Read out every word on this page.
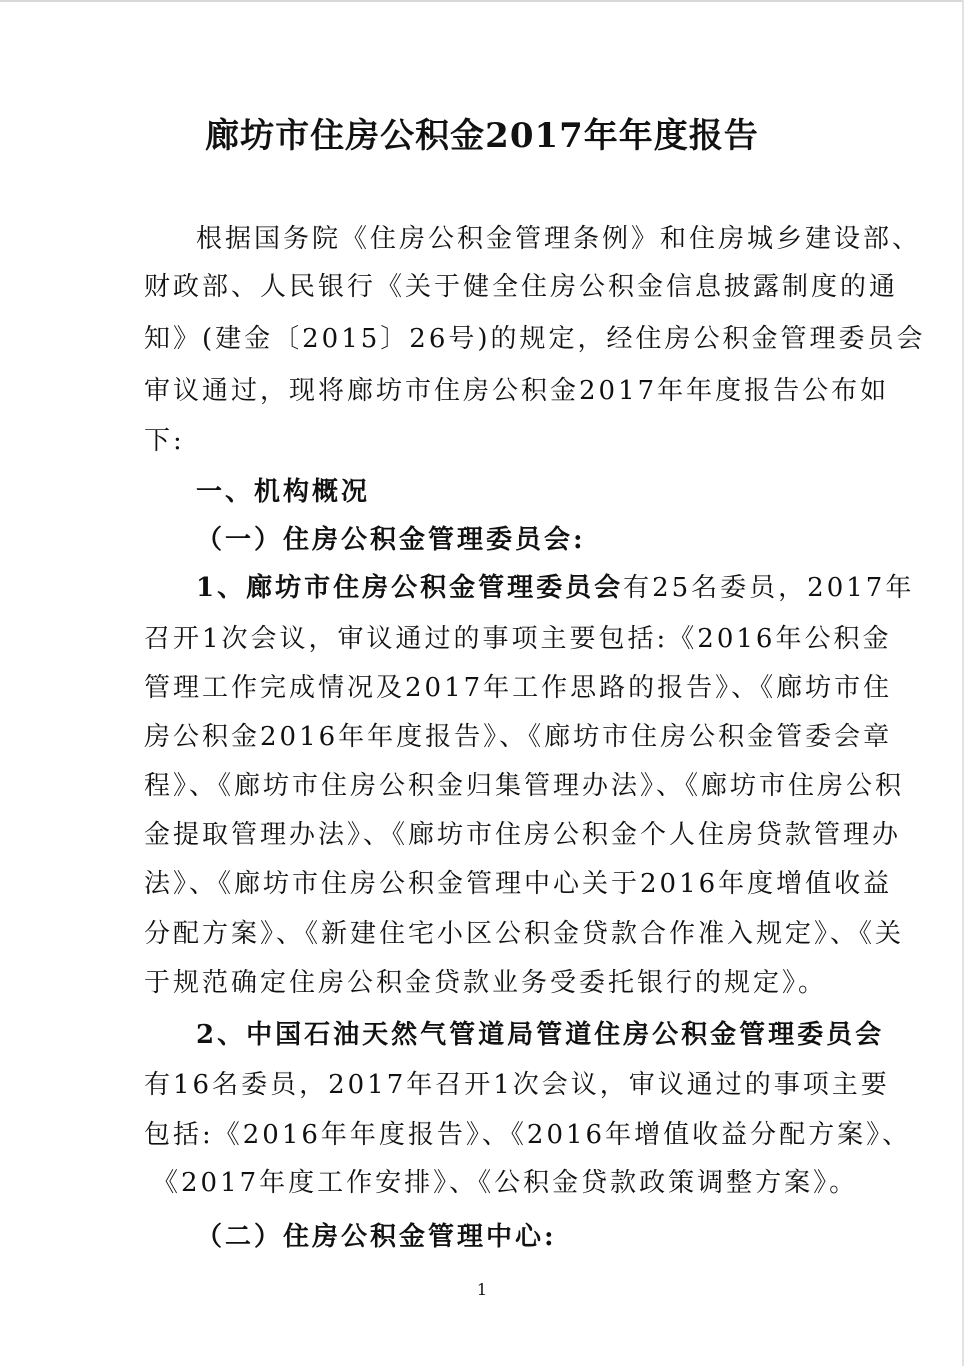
廊坊市住房公积金2017年年度报告
根据国务院《住房公积金管理条例》和住房城乡建设部、
财政部、人民银行《关于健全住房公积金信息披露制度的通
知》(建金〔2015〕26号)的规定，经住房公积金管理委员会
审议通过，现将廊坊市住房公积金2017年年度报告公布如
下:
一、机构概况
（一）住房公积金管理委员会:
1、廊坊市住房公积金管理委员会有25名委员，2017年
召开1次会议，审议通过的事项主要包括:《2016年公积金
管理工作完成情况及2017年工作思路的报告》、《廊坊市住
房公积金2016年年度报告》、《廊坊市住房公积金管委会章
程》、《廊坊市住房公积金归集管理办法》、《廊坊市住房公积
金提取管理办法》、《廊坊市住房公积金个人住房贷款管理办
法》、《廊坊市住房公积金管理中心关于2016年度增值收益
分配方案》、《新建住宅小区公积金贷款合作准入规定》、《关
于规范确定住房公积金贷款业务受委托银行的规定》。
2、中国石油天然气管道局管道住房公积金管理委员会
有16名委员，2017年召开1次会议，审议通过的事项主要
包括:《2016年年度报告》、《2016年增值收益分配方案》、
《2017年度工作安排》、《公积金贷款政策调整方案》。
（二）住房公积金管理中心:
1
